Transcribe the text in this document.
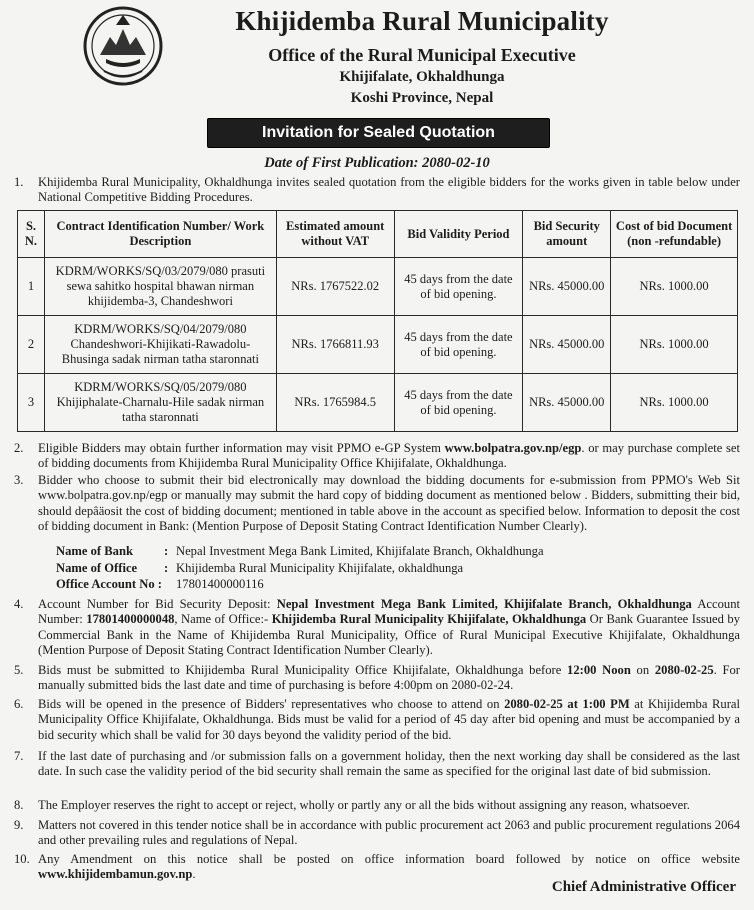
Khijidemba Rural Municipality
Office of the Rural Municipal Executive
Khijifalate, Okhaldhunga
Koshi Province, Nepal
Invitation for Sealed Quotation
Date of First Publication: 2080-02-10
1.	Khijidemba Rural Municipality, Okhaldhunga invites sealed quotation from the eligible bidders for the works given in table below under National Competitive Bidding Procedures.
S. N.	Contract Identification Number/ Work Description	Estimated amount without VAT	Bid Validity Period	Bid Security amount	Cost of bid Document (non -refundable)
1	KDRM/WORKS/SQ/03/2079/080 prasuti sewa sahitko hospital bhawan nirman khijidemba-3, Chandeshwori	NRs. 1767522.02	45 days from the date of bid opening.	NRs. 45000.00	NRs. 1000.00
2	KDRM/WORKS/SQ/04/2079/080 Chandeshwori-Khijikati-Rawadolu-Bhusinga sadak nirman tatha staronnati	NRs. 1766811.93	45 days from the date of bid opening.	NRs. 45000.00	NRs. 1000.00
3	KDRM/WORKS/SQ/05/2079/080 Khijiphalate-Charnalu-Hile sadak nirman tatha staronnati	NRs. 1765984.5	45 days from the date of bid opening.	NRs. 45000.00	NRs. 1000.00
2.	Eligible Bidders may obtain further information may visit PPMO e-GP System www.bolpatra.gov.np/egp. or may purchase complete set of bidding documents from Khijidemba Rural Municipality Office Khijifalate, Okhaldhunga.
3.	Bidder who choose to submit their bid electronically may download the bidding documents for e-submission from PPMO's Web Sit www.bolpatra.gov.np/egp or manually may submit the hard copy of bidding document as mentioned below . Bidders, submitting their bid, should depâäosit the cost of bidding document; mentioned in table above in the account as specified below. Information to deposit the cost of bidding document in Bank: (Mention Purpose of Deposit Stating Contract Identification Number Clearly).
Name of Bank	: Nepal Investment Mega Bank Limited, Khijifalate Branch, Okhaldhunga
Name of Office	: Khijidemba Rural Municipality Khijifalate, okhaldhunga
Office Account No :	17801400000116
4.	Account Number for Bid Security Deposit: Nepal Investment Mega Bank Limited, Khijifalate Branch, Okhaldhunga Account Number: 17801400000048, Name of Office:- Khijidemba Rural Municipality Khijifalate, Okhaldhunga Or Bank Guarantee Issued by Commercial Bank in the Name of Khijidemba Rural Municipality, Office of Rural Municipal Executive Khijifalate, Okhaldhunga (Mention Purpose of Deposit Stating Contract Identification Number Clearly).
5.	Bids must be submitted to Khijidemba Rural Municipality Office Khijifalate, Okhaldhunga before 12:00 Noon on 2080-02-25. For manually submitted bids the last date and time of purchasing is before 4:00pm on 2080-02-24.
6.	Bids will be opened in the presence of Bidders' representatives who choose to attend on 2080-02-25 at 1:00 PM at Khijidemba Rural Municipality Office Khijifalate, Okhaldhunga. Bids must be valid for a period of 45 day after bid opening and must be accompanied by a bid security which shall be valid for 30 days beyond the validity period of the bid.
7.	If the last date of purchasing and /or submission falls on a government holiday, then the next working day shall be considered as the last date. In such case the validity period of the bid security shall remain the same as specified for the original last date of bid submission.
8.	The Employer reserves the right to accept or reject, wholly or partly any or all the bids without assigning any reason, whatsoever.
9.	Matters not covered in this tender notice shall be in accordance with public procurement act 2063 and public procurement regulations 2064 and other prevailing rules and regulations of Nepal.
10. Any Amendment on this notice shall be posted on office information board followed by notice on office website www.khijidembamun.gov.np.
Chief Administrative Officer
